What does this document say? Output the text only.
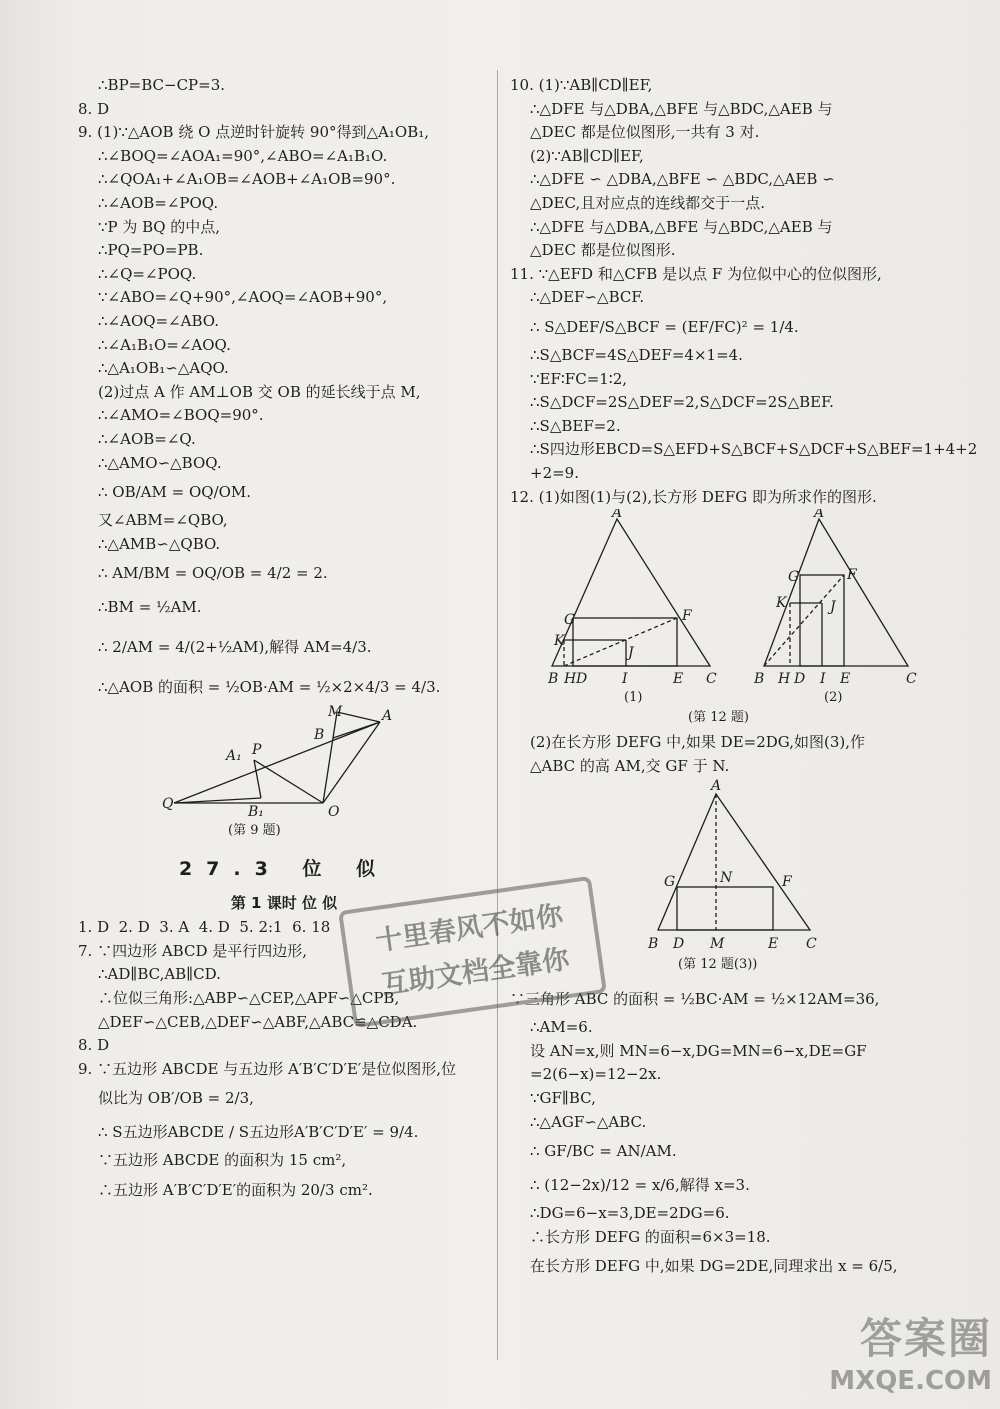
∴BP=BC−CP=3.
8. D
9. (1)∵△AOB 绕 O 点逆时针旋转 90°得到△A₁OB₁,
∴∠BOQ=∠AOA₁=90°,∠ABO=∠A₁B₁O.
∴∠QOA₁+∠A₁OB=∠AOB+∠A₁OB=90°.
∴∠AOB=∠POQ.
∵P 为 BQ 的中点,
∴PQ=PO=PB.
∴∠Q=∠POQ.
∵∠ABO=∠Q+90°,∠AOQ=∠AOB+90°,
∴∠AOQ=∠ABO.
∴∠A₁B₁O=∠AOQ.
∴△A₁OB₁∽△AQO.
(2)过点 A 作 AM⊥OB 交 OB 的延长线于点 M,
∴∠AMO=∠BOQ=90°.
∴∠AOB=∠Q.
∴△AMO∽△BOQ.
∴ OB/AM = OQ/OM.
又∠ABM=∠QBO,
∴△AMB∽△QBO.
∴ AM/BM = OQ/OB = 4/2 = 2.
∴BM = ½AM.
∴ 2/AM = 4/(2+½AM),解得 AM=4/3.
∴△AOB 的面积 = ½OB·AM = ½×2×4/3 = 4/3.
M	A
B
A₁ P
Q	B₁	O
(第 9 题)
27.3 位 似
第 1 课时 位 似
1. D  2. D  3. A  4. D  5. 2:1  6. 18
7. ∵四边形 ABCD 是平行四边形,
∴AD∥BC,AB∥CD.
∴位似三角形:△ABP∽△CEP,△APF∽△CPB,
△DEF∽△CEB,△DEF∽△ABF,△ABC≌△CDA.
8. D
9. ∵五边形 ABCDE 与五边形 A′B′C′D′E′是位似图形,位
似比为 OB′/OB = 2/3,
∴ S五边形ABCDE / S五边形A′B′C′D′E′ = 9/4.
∵五边形 ABCDE 的面积为 15 cm²,
∴五边形 A′B′C′D′E′的面积为 20/3 cm².
10. (1)∵AB∥CD∥EF,
∴△DFE 与△DBA,△BFE 与△BDC,△AEB 与
△DEC 都是位似图形,一共有 3 对.
(2)∵AB∥CD∥EF,
∴△DFE ∽ △DBA,△BFE ∽ △BDC,△AEB ∽
△DEC,且对应点的连线都交于一点.
∴△DFE 与△DBA,△BFE 与△BDC,△AEB 与
△DEC 都是位似图形.
11. ∵△EFD 和△CFB 是以点 F 为位似中心的位似图形,
∴△DEF∽△BCF.
∴ S△DEF/S△BCF = (EF/FC)² = 1/4.
∴S△BCF=4S△DEF=4×1=4.
∵EF∶FC=1∶2,
∴S△DCF=2S△DEF=2,S△DCF=2S△BEF.
∴S△BEF=2.
∴S四边形EBCD=S△EFD+S△BCF+S△DCF+S△BEF=1+4+2
+2=9.
12. (1)如图(1)与(2),长方形 DEFG 即为所求作的图形.
A
G	F
K
J
B H D I	E C
(1)
A
G	F
K	J
B H D I E	C
(2)
(第 12 题)
(2)在长方形 DEFG 中,如果 DE=2DG,如图(3),作
△ABC 的高 AM,交 GF 于 N.
A
G	N	F
B D M	E C
(第 12 题(3))
∵三角形 ABC 的面积 = ½BC·AM = ½×12AM=36,
∴AM=6.
设 AN=x,则 MN=6−x,DG=MN=6−x,DE=GF
=2(6−x)=12−2x.
∵GF∥BC,
∴△AGF∽△ABC.
∴ GF/BC = AN/AM.
∴ (12−2x)/12 = x/6,解得 x=3.
∴DG=6−x=3,DE=2DG=6.
∴长方形 DEFG 的面积=6×3=18.
在长方形 DEFG 中,如果 DG=2DE,同理求出 x = 6/5,
十里春风不如你
互助文档全靠你
答案圈
MXQE.COM
